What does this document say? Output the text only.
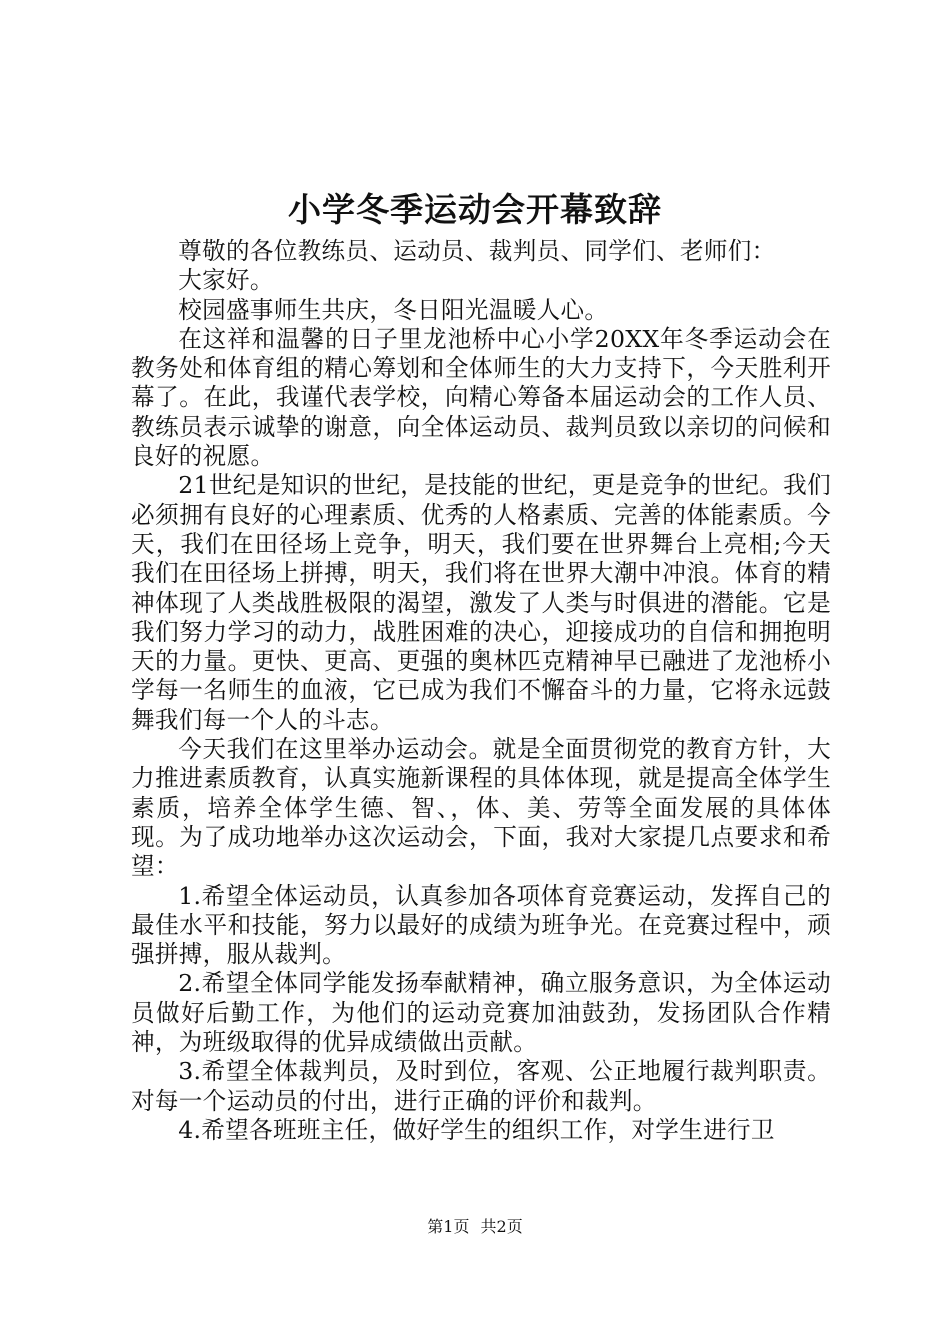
小学冬季运动会开幕致辞

尊敬的各位教练员、运动员、裁判员、同学们、老师们：

大家好。

校园盛事师生共庆，冬日阳光温暖人心。

在这祥和温馨的日子里龙池桥中心小学20XX年冬季运动会在教务处和体育组的精心筹划和全体师生的大力支持下，今天胜利开幕了。在此，我谨代表学校，向精心筹备本届运动会的工作人员、教练员表示诚挚的谢意，向全体运动员、裁判员致以亲切的问候和良好的祝愿。

21世纪是知识的世纪，是技能的世纪，更是竞争的世纪。我们必须拥有良好的心理素质、优秀的人格素质、完善的体能素质。今天，我们在田径场上竞争，明天，我们要在世界舞台上亮相;今天我们在田径场上拼搏，明天，我们将在世界大潮中冲浪。体育的精神体现了人类战胜极限的渴望，激发了人类与时俱进的潜能。它是我们努力学习的动力，战胜困难的决心，迎接成功的自信和拥抱明天的力量。更快、更高、更强的奥林匹克精神早已融进了龙池桥小学每一名师生的血液，它已成为我们不懈奋斗的力量，它将永远鼓舞我们每一个人的斗志。

今天我们在这里举办运动会。就是全面贯彻党的教育方针，大力推进素质教育，认真实施新课程的具体体现，就是提高全体学生素质，培养全体学生德、智、，体、美、劳等全面发展的具体体现。为了成功地举办这次运动会，下面，我对大家提几点要求和希望：

1.希望全体运动员，认真参加各项体育竞赛运动，发挥自己的最佳水平和技能，努力以最好的成绩为班争光。在竞赛过程中，顽强拼搏，服从裁判。

2.希望全体同学能发扬奉献精神，确立服务意识，为全体运动员做好后勤工作，为他们的运动竞赛加油鼓劲，发扬团队合作精神，为班级取得的优异成绩做出贡献。

3.希望全体裁判员，及时到位，客观、公正地履行裁判职责。对每一个运动员的付出，进行正确的评价和裁判。

4.希望各班班主任，做好学生的组织工作，对学生进行卫

第1页 共2页
